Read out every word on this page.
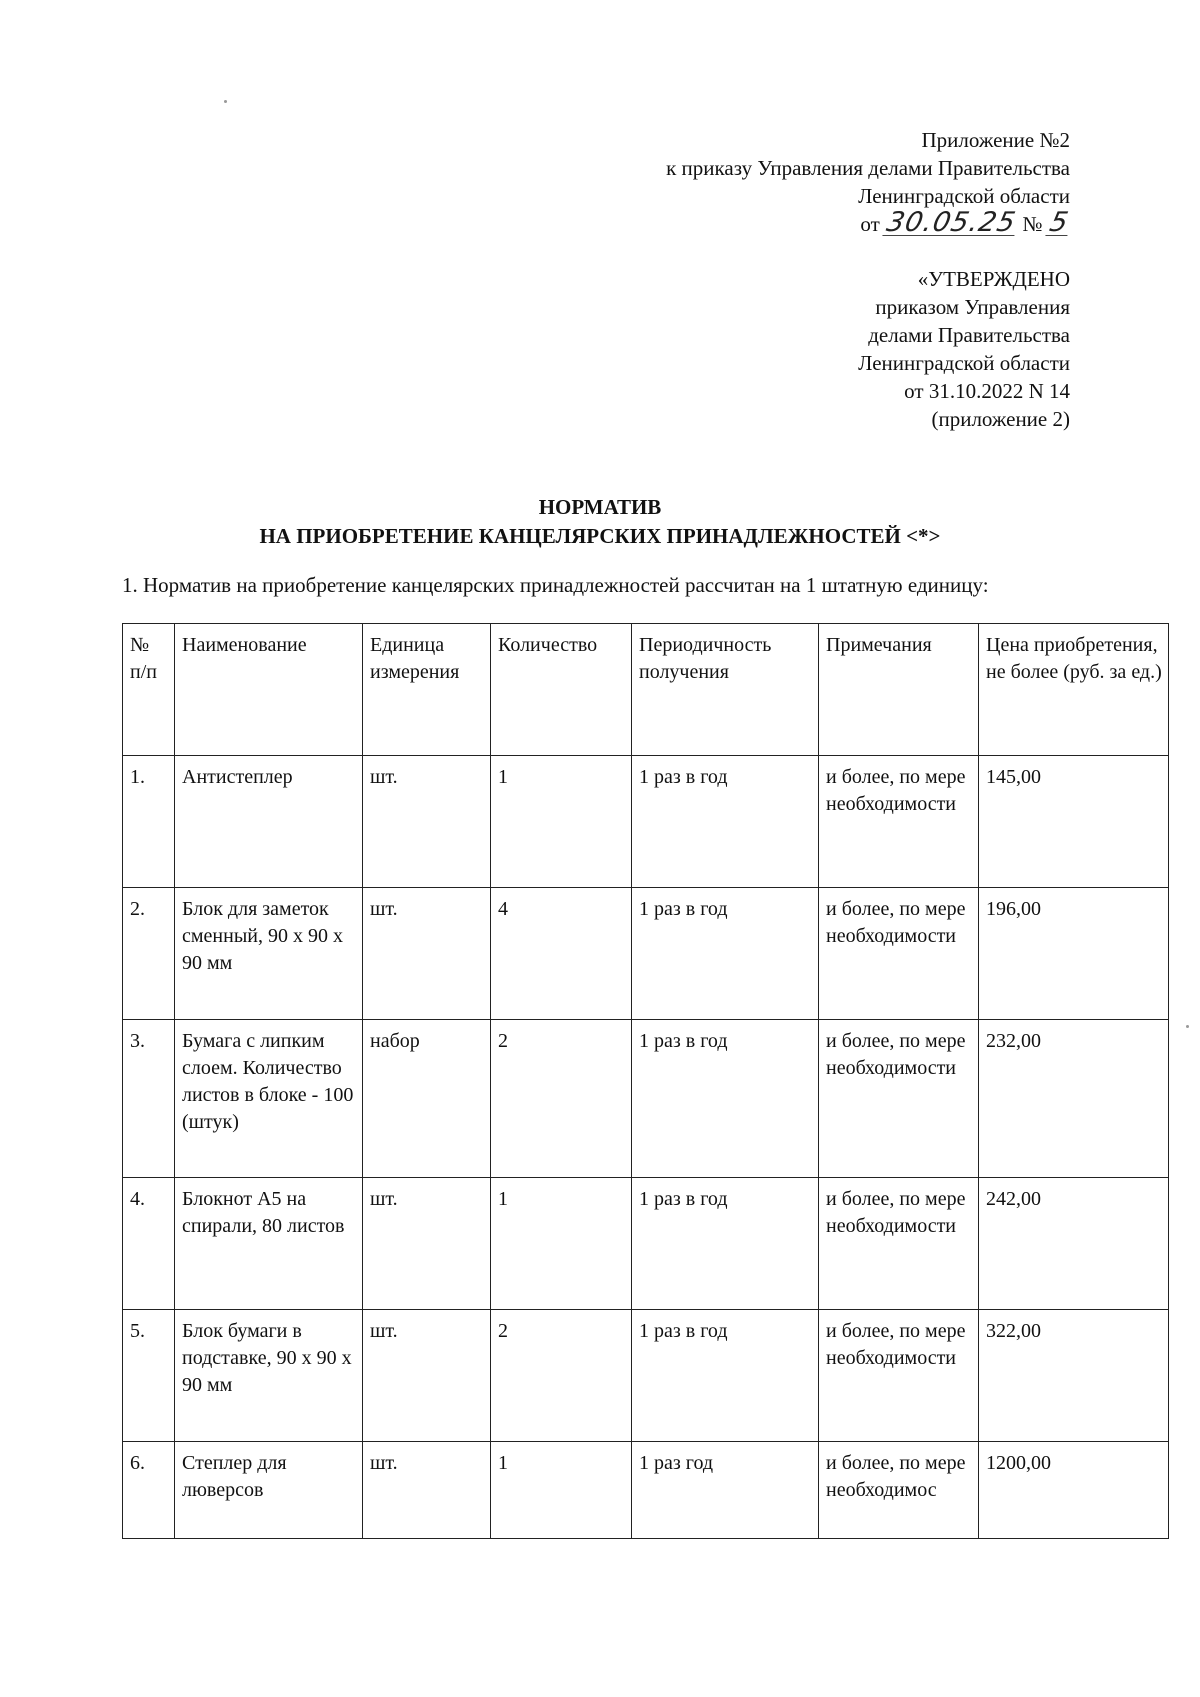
Приложение №2
к приказу Управления делами Правительства
Ленинградской области
от 30.05.25 № 5
«УТВЕРЖДЕНО
приказом Управления
делами Правительства
Ленинградской области
от 31.10.2022 N 14
(приложение 2)
НОРМАТИВ
НА ПРИОБРЕТЕНИЕ КАНЦЕЛЯРСКИХ ПРИНАДЛЕЖНОСТЕЙ <*>
1. Норматив на приобретение канцелярских принадлежностей рассчитан на 1 штатную единицу:
№ п/п	Наименование	Единица измерения	Количество	Периодичность получения	Примечания	Цена приобретения, не более (руб. за ед.)
1.	Антистеплер	шт.	1	1 раз в год	и более, по мере необходимости	145,00
2.	Блок для заметок сменный, 90 х 90 х 90 мм	шт.	4	1 раз в год	и более, по мере необходимости	196,00
3.	Бумага с липким слоем. Количество листов в блоке - 100 (штук)	набор	2	1 раз в год	и более, по мере необходимости	232,00
4.	Блокнот А5 на спирали, 80 листов	шт.	1	1 раз в год	и более, по мере необходимости	242,00
5.	Блок бумаги в подставке, 90 х 90 х 90 мм	шт.	2	1 раз в год	и более, по мере необходимости	322,00
6.	Степлер для люверсов	шт.	1	1 раз год	и более, по мере необходимос	1200,00
